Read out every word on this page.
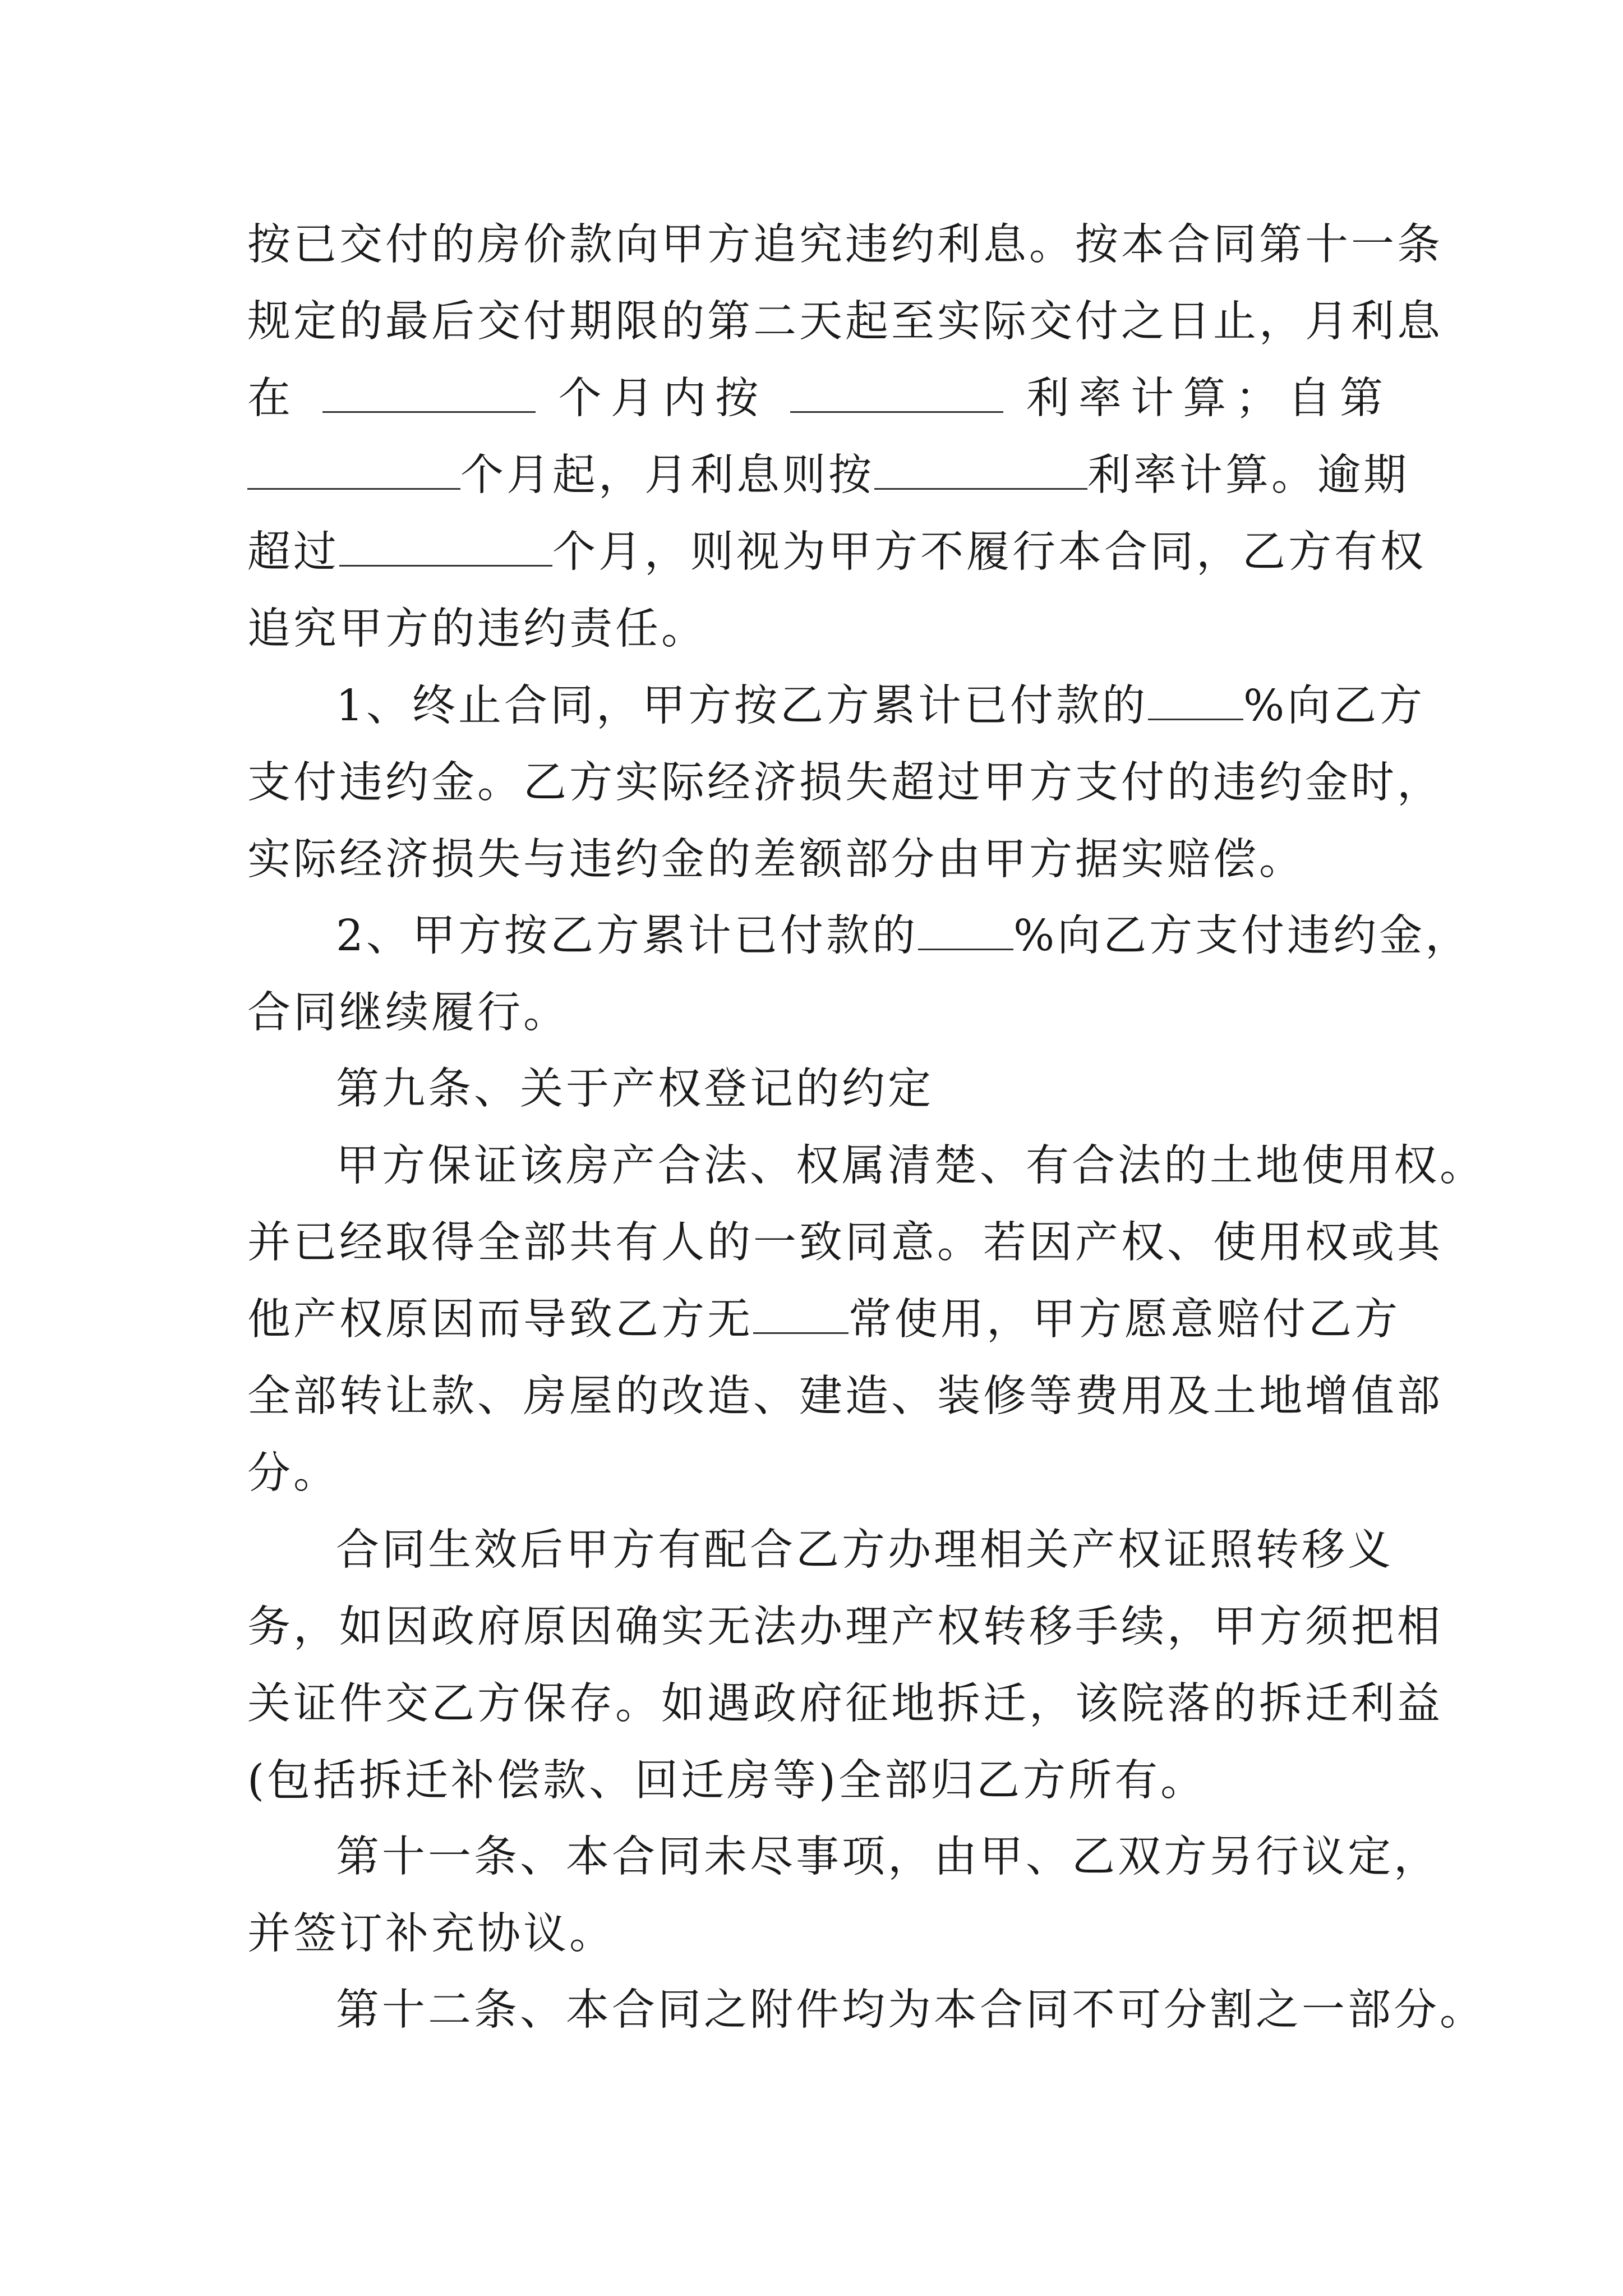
按已交付的房价款向甲方追究违约利息。按本合同第十一条
规定的最后交付期限的第二天起至实际交付之日止，月利息
在	个月内按	利率计算；自第
个月起，月利息则按	利率计算。逾期
超过	个月，则视为甲方不履行本合同，乙方有权
追究甲方的违约责任。
1、终止合同，甲方按乙方累计已付款的 %向乙方
支付违约金。乙方实际经济损失超过甲方支付的违约金时，
实际经济损失与违约金的差额部分由甲方据实赔偿。
2、甲方按乙方累计已付款的 %向乙方支付违约金，
合同继续履行。
第九条、关于产权登记的约定
甲方保证该房产合法、权属清楚、有合法的土地使用权。
并已经取得全部共有人的一致同意。若因产权、使用权或其
他产权原因而导致乙方无 常使用，甲方愿意赔付乙方
全部转让款、房屋的改造、建造、装修等费用及土地增值部
分。
合同生效后甲方有配合乙方办理相关产权证照转移义
务，如因政府原因确实无法办理产权转移手续，甲方须把相
关证件交乙方保存。如遇政府征地拆迁，该院落的拆迁利益
(包括拆迁补偿款、回迁房等)全部归乙方所有。
第十一条、本合同未尽事项，由甲、乙双方另行议定，
并签订补充协议。
第十二条、本合同之附件均为本合同不可分割之一部分。
